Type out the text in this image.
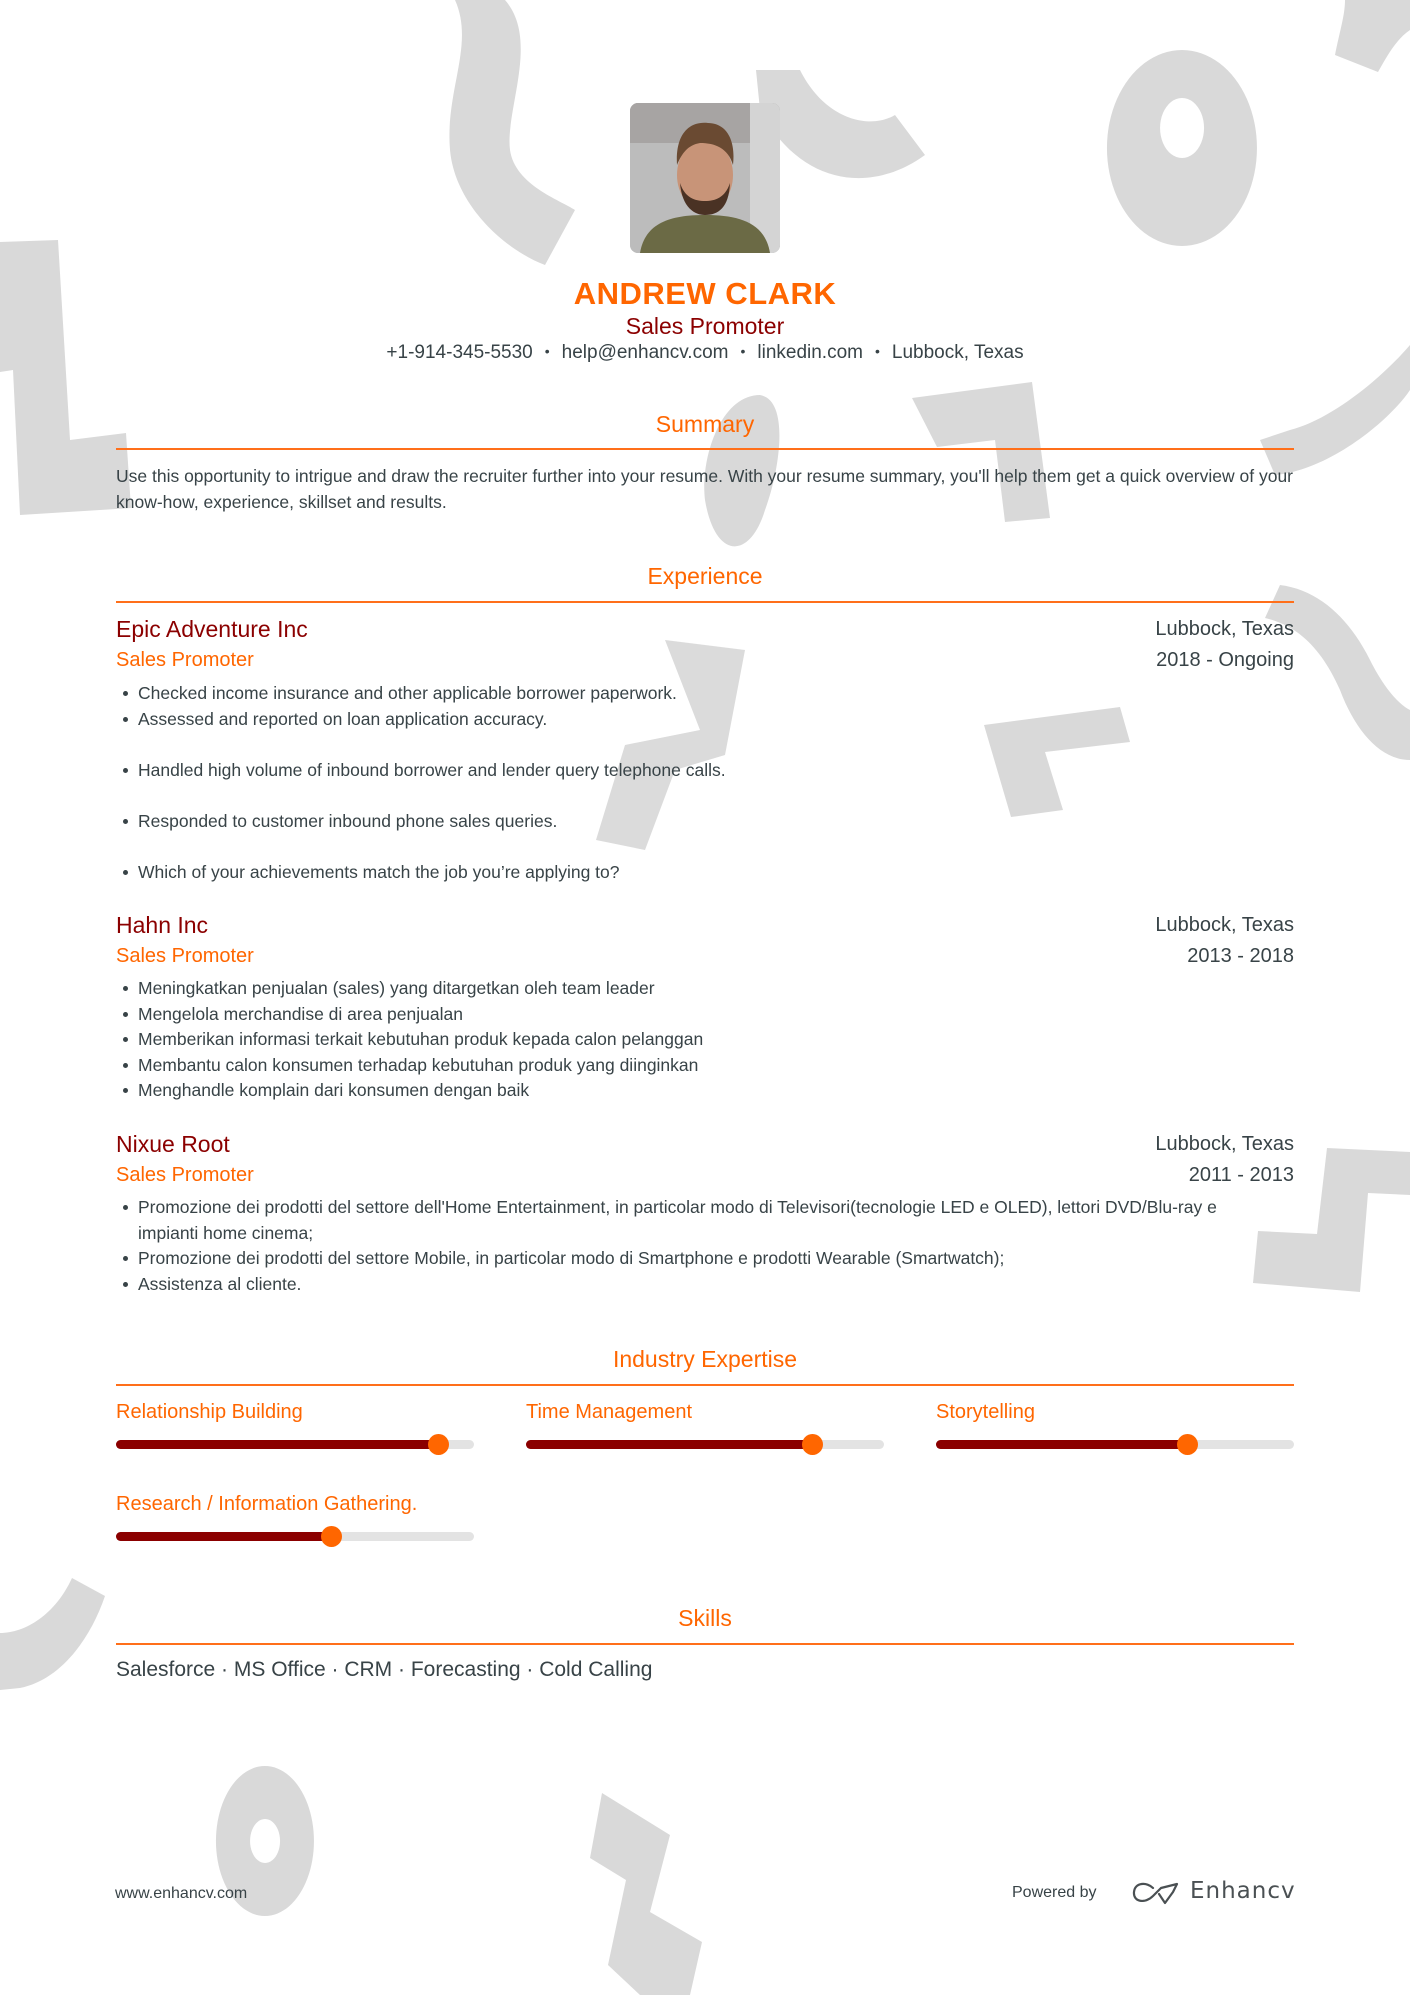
ANDREW CLARK
Sales Promoter
+1-914-345-5530 • help@enhancv.com • linkedin.com • Lubbock, Texas
Summary
Use this opportunity to intrigue and draw the recruiter further into your resume. With your resume summary, you'll help them get a quick overview of your know-how, experience, skillset and results.
Experience
Epic Adventure Inc
Sales Promoter
Lubbock, Texas
2018 - Ongoing
Checked income insurance and other applicable borrower paperwork.
Assessed and reported on loan application accuracy.
Handled high volume of inbound borrower and lender query telephone calls.
Responded to customer inbound phone sales queries.
Which of your achievements match the job you’re applying to?
Hahn Inc
Sales Promoter
Lubbock, Texas
2013 - 2018
Meningkatkan penjualan (sales) yang ditargetkan oleh team leader
Mengelola merchandise di area penjualan
Memberikan informasi terkait kebutuhan produk kepada calon pelanggan
Membantu calon konsumen terhadap kebutuhan produk yang diinginkan
Menghandle komplain dari konsumen dengan baik
Nixue Root
Sales Promoter
Lubbock, Texas
2011 - 2013
Promozione dei prodotti del settore dell'Home Entertainment, in particolar modo di Televisori(tecnologie LED e OLED), lettori DVD/Blu-ray e impianti home cinema;
Promozione dei prodotti del settore Mobile, in particolar modo di Smartphone e prodotti Wearable (Smartwatch);
Assistenza al cliente.
Industry Expertise
Relationship Building	Time Management	Storytelling
Research / Information Gathering.
Skills
Salesforce · MS Office · CRM · Forecasting · Cold Calling
www.enhancv.com	Powered by	Enhancv
